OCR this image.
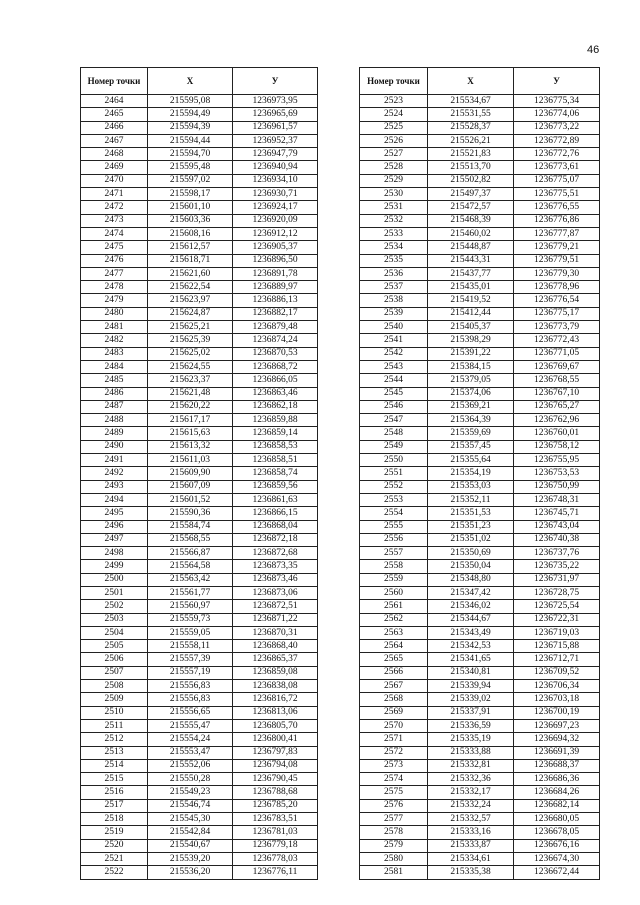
46
Номер точки	X	У
2464	215595,08	1236973,95
2465	215594,49	1236965,69
2466	215594,39	1236961,57
2467	215594,44	1236952,37
2468	215594,70	1236947,79
2469	215595,48	1236940,94
2470	215597,02	1236934,10
2471	215598,17	1236930,71
2472	215601,10	1236924,17
2473	215603,36	1236920,09
2474	215608,16	1236912,12
2475	215612,57	1236905,37
2476	215618,71	1236896,50
2477	215621,60	1236891,78
2478	215622,54	1236889,97
2479	215623,97	1236886,13
2480	215624,87	1236882,17
2481	215625,21	1236879,48
2482	215625,39	1236874,24
2483	215625,02	1236870,53
2484	215624,55	1236868,72
2485	215623,37	1236866,05
2486	215621,48	1236863,46
2487	215620,22	1236862,18
2488	215617,17	1236859,88
2489	215615,63	1236859,14
2490	215613,32	1236858,53
2491	215611,03	1236858,51
2492	215609,90	1236858,74
2493	215607,09	1236859,56
2494	215601,52	1236861,63
2495	215590,36	1236866,15
2496	215584,74	1236868,04
2497	215568,55	1236872,18
2498	215566,87	1236872,68
2499	215564,58	1236873,35
2500	215563,42	1236873,46
2501	215561,77	1236873,06
2502	215560,97	1236872,51
2503	215559,73	1236871,22
2504	215559,05	1236870,31
2505	215558,11	1236868,40
2506	215557,39	1236865,37
2507	215557,19	1236859,08
2508	215556,83	1236838,08
2509	215556,83	1236816,72
2510	215556,65	1236813,06
2511	215555,47	1236805,70
2512	215554,24	1236800,41
2513	215553,47	1236797,83
2514	215552,06	1236794,08
2515	215550,28	1236790,45
2516	215549,23	1236788,68
2517	215546,74	1236785,20
2518	215545,30	1236783,51
2519	215542,84	1236781,03
2520	215540,67	1236779,18
2521	215539,20	1236778,03
2522	215536,20	1236776,11
Номер точки	X	У
2523	215534,67	1236775,34
2524	215531,55	1236774,06
2525	215528,37	1236773,22
2526	215526,21	1236772,89
2527	215521,83	1236772,76
2528	215513,70	1236773,61
2529	215502,82	1236775,07
2530	215497,37	1236775,51
2531	215472,57	1236776,55
2532	215468,39	1236776,86
2533	215460,02	1236777,87
2534	215448,87	1236779,21
2535	215443,31	1236779,51
2536	215437,77	1236779,30
2537	215435,01	1236778,96
2538	215419,52	1236776,54
2539	215412,44	1236775,17
2540	215405,37	1236773,79
2541	215398,29	1236772,43
2542	215391,22	1236771,05
2543	215384,15	1236769,67
2544	215379,05	1236768,55
2545	215374,06	1236767,10
2546	215369,21	1236765,27
2547	215364,39	1236762,96
2548	215359,69	1236760,01
2549	215357,45	1236758,12
2550	215355,64	1236755,95
2551	215354,19	1236753,53
2552	215353,03	1236750,99
2553	215352,11	1236748,31
2554	215351,53	1236745,71
2555	215351,23	1236743,04
2556	215351,02	1236740,38
2557	215350,69	1236737,76
2558	215350,04	1236735,22
2559	215348,80	1236731,97
2560	215347,42	1236728,75
2561	215346,02	1236725,54
2562	215344,67	1236722,31
2563	215343,49	1236719,03
2564	215342,53	1236715,88
2565	215341,65	1236712,71
2566	215340,81	1236709,52
2567	215339,94	1236706,34
2568	215339,02	1236703,18
2569	215337,91	1236700,19
2570	215336,59	1236697,23
2571	215335,19	1236694,32
2572	215333,88	1236691,39
2573	215332,81	1236688,37
2574	215332,36	1236686,36
2575	215332,17	1236684,26
2576	215332,24	1236682,14
2577	215332,57	1236680,05
2578	215333,16	1236678,05
2579	215333,87	1236676,16
2580	215334,61	1236674,30
2581	215335,38	1236672,44
